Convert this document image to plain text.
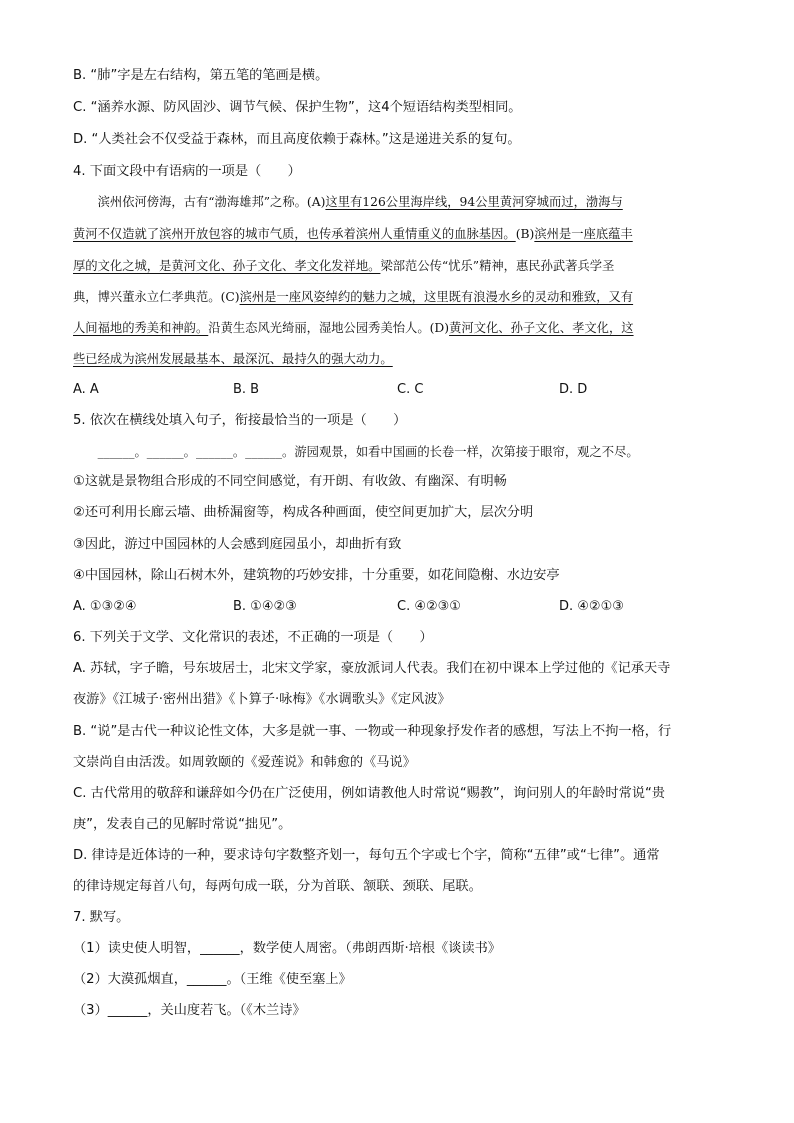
B. “肺”字是左右结构，第五笔的笔画是横。
C. “涵养水源、防风固沙、调节气候、保护生物”，这4个短语结构类型相同。
D. “人类社会不仅受益于森林，而且高度依赖于森林。”这是递进关系的复句。
4. 下面文段中有语病的一项是（　　）
　　滨州依河傍海，古有“渤海雄邦”之称。(A)这里有126公里海岸线，94公里黄河穿城而过，渤海与
黄河不仅造就了滨州开放包容的城市气质，也传承着滨州人重情重义的血脉基因。(B)滨州是一座底蕴丰
厚的文化之城，是黄河文化、孙子文化、孝文化发祥地。梁部范公传“忧乐”精神，惠民孙武著兵学圣
典，博兴董永立仁孝典范。(C)滨州是一座风姿绰约的魅力之城，这里既有浪漫水乡的灵动和雅致，又有
人间福地的秀美和神韵。沿黄生态风光绮丽，湿地公园秀美怡人。(D)黄河文化、孙子文化、孝文化，这
些已经成为滨州发展最基本、最深沉、最持久的强大动力。
A. A	B. B	C. C	D. D
5. 依次在横线处填入句子，衔接最恰当的一项是（　　）
　　______。______。______。______。游园观景，如看中国画的长卷一样，次第接于眼帘，观之不尽。
①这就是景物组合形成的不同空间感觉，有开朗、有收敛、有幽深、有明畅
②还可利用长廊云墙、曲桥漏窗等，构成各种画面，使空间更加扩大，层次分明
③因此，游过中国园林的人会感到庭园虽小，却曲折有致
④中国园林，除山石树木外，建筑物的巧妙安排，十分重要，如花间隐榭、水边安亭
A. ①③②④	B. ①④②③	C. ④②③①	D. ④②①③
6. 下列关于文学、文化常识的表述，不正确的一项是（　　）
A. 苏轼，字子瞻，号东坡居士，北宋文学家，豪放派词人代表。我们在初中课本上学过他的《记承天寺
夜游》《江城子·密州出猎》《卜算子·咏梅》《水调歌头》《定风波》
B. “说”是古代一种议论性文体，大多是就一事、一物或一种现象抒发作者的感想，写法上不拘一格，行
文崇尚自由活泼。如周敦颐的《爱莲说》和韩愈的《马说》
C. 古代常用的敬辞和谦辞如今仍在广泛使用，例如请教他人时常说“赐教”，询问别人的年龄时常说“贵
庚”，发表自己的见解时常说“拙见”。
D. 律诗是近体诗的一种，要求诗句字数整齐划一，每句五个字或七个字，简称“五律”或“七律”。通常
的律诗规定每首八句，每两句成一联，分为首联、颔联、颈联、尾联。
7. 默写。
（1）读史使人明智，______，数学使人周密。（弗朗西斯·培根《谈读书》
（2）大漠孤烟直，______。（王维《使至塞上》
（3）______，关山度若飞。（《木兰诗》
